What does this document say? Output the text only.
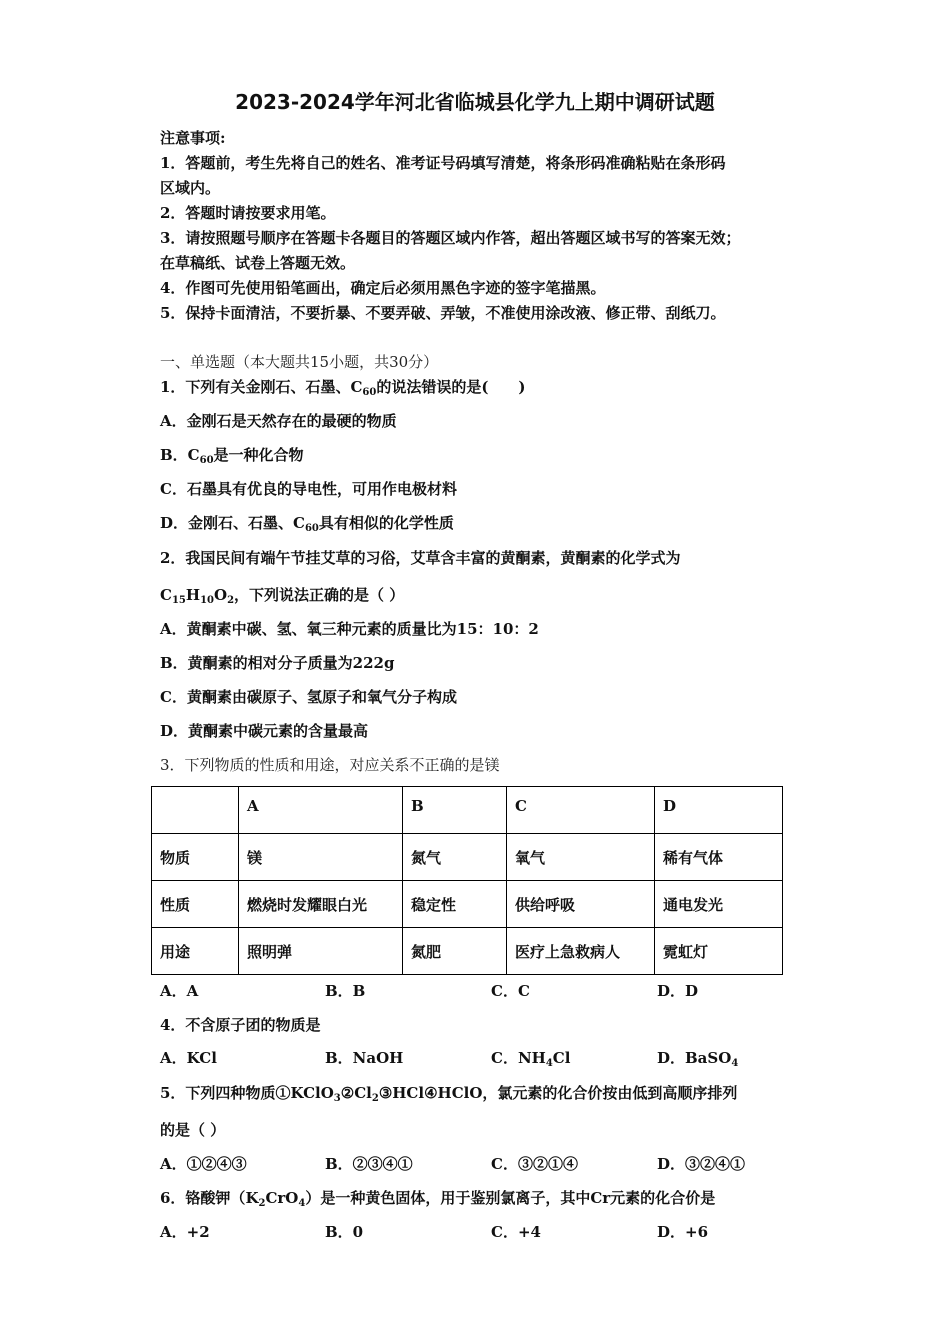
2023-2024学年河北省临城县化学九上期中调研试题
注意事项:
1．答题前，考生先将自己的姓名、准考证号码填写清楚，将条形码准确粘贴在条形码
区域内。
2．答题时请按要求用笔。
3．请按照题号顺序在答题卡各题目的答题区域内作答，超出答题区域书写的答案无效；
在草稿纸、试卷上答题无效。
4．作图可先使用铅笔画出，确定后必须用黑色字迹的签字笔描黑。
5．保持卡面清洁，不要折暴、不要弄破、弄皱，不准使用涂改液、修正带、刮纸刀。
一、单选题（本大题共15小题，共30分）
1．下列有关金刚石、石墨、$C_{60}$的说法错误的是(　　)
A．金刚石是天然存在的最硬的物质
B．$C_{60}$是一种化合物
C．石墨具有优良的导电性，可用作电极材料
D．金刚石、石墨、$C_{60}$具有相似的化学性质
2．我国民间有端午节挂艾草的习俗，艾草含丰富的黄酮素，黄酮素的化学式为
$C_{15}H_{10}O_2$，下列说法正确的是（ ）
A．黄酮素中碳、氢、氧三种元素的质量比为15：10：2
B．黄酮素的相对分子质量为222g
C．黄酮素由碳原子、氢原子和氧气分子构成
D．黄酮素中碳元素的含量最高
3．下列物质的性质和用途，对应关系不正确的是镁
	A	B	C	D
物质	镁	氮气	氧气	稀有气体
性质	燃烧时发耀眼白光	稳定性	供给呼吸	通电发光
用途	照明弹	氮肥	医疗上急救病人	霓虹灯
A．A	B．B	C．C	D．D
4．不含原子团的物质是
A．KCl	B．NaOH	C．$NH_4Cl$	D．BaSO$_4$
5．下列四种物质$①KClO_3②Cl_2③HCl④HClO$，氯元素的化合价按由低到高顺序排列
的是（ ）
A．①②④③	B．②③④①	C．③②①④	D．③②④①
6．铬酸钾$(K_2CrO_4)$是一种黄色固体，用于鉴别氯离子，其中Cr元素的化合价是
A．+2	B．0	C．+4	D．+6
